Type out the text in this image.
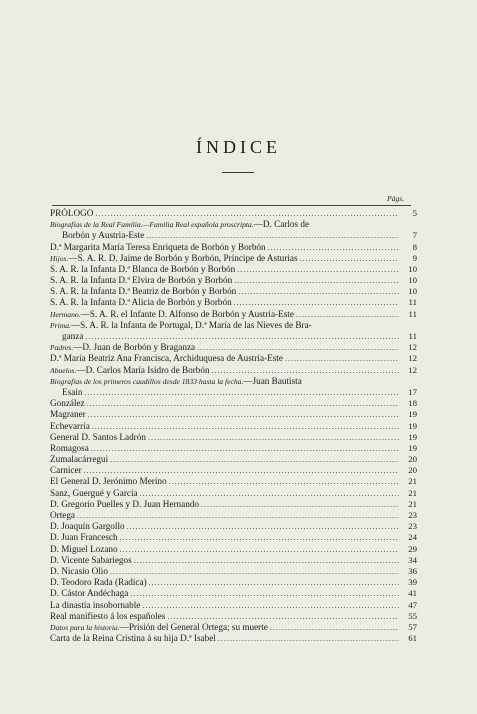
ÍNDICE
Págs.
PRÓLOGO .....	5
Biografías de la Real Familia.—Familia Real española proscripta.—D. Carlos de
Borbón y Austria-Este .....	7
D.ª Margarita María Teresa Enriqueta de Borbón y Borbón .....	8
Hijos.—S. A. R. D. Jaime de Borbón y Borbón, Príncipe de Asturias .....	9
S. A. R. la Infanta D.ª Blanca de Borbón y Borbón .....	10
S. A. R. la Infanta D.ª Elvira de Borbón y Borbón .....	10
S. A. R. la Infanta D.ª Beatriz de Borbón y Borbón .....	10
S. A. R. la Infanta D.ª Alicia de Borbón y Borbón .....	11
Hermano.—S. A. R. el Infante D. Alfonso de Borbón y Austria-Este .....	11
Prima.—S. A. R. la Infanta de Portugal, D.ª María de las Nieves de Bra-
ganza .....	11
Padres.—D. Juan de Borbón y Braganza .....	12
D.ª María Beatriz Ana Francisca, Archiduquesa de Austria-Este .....	12
Abuelos.—D. Carlos María Isidro de Borbón .....	12
Biografías de los primeros caudillos desde 1833 hasta la fecha.—Juan Bautista
Esain .....	17
González .....	18
Magraner .....	19
Echevarría .....	19
General D. Santos Ladrón .....	19
Romagosa .....	19
Zumalacárregui .....	20
Carnicer .....	20
El General D. Jerónimo Merino .....	21
Sanz, Guergué y García .....	21
D. Gregorio Puelles y D. Juan Hernando .....	21
Ortega .....	23
D. Joaquín Gargollo .....	23
D. Juan Francesch .....	24
D. Miguel Lozano .....	29
D. Vicente Sabariegos .....	34
D. Nicasio Olio .....	36
D. Teodoro Rada (Radica) .....	39
D. Cástor Andéchaga .....	41
La dinastía insobornable .....	47
Real manifiesto á los españoles .....	55
Datos para la historia.—Prisión del General Ortega; su muerte .....	57
Carta de la Reina Cristina á su hija D.ª Isabel .....	61
